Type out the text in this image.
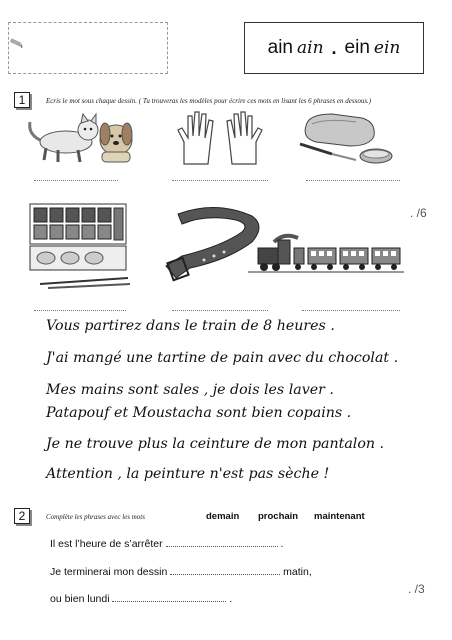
ain ain . ein ein
1	Ecris le mot sous chaque dessin. ( Tu trouveras les modèles pour écrire ces mots en lisant les 6 phrases en dessous.)
. /6
Vous partirez dans le train de 8 heures .
J'ai mangé une tartine de pain avec du chocolat .
Mes mains sont sales , je dois les laver .
Patapouf et Moustacha sont bien copains .
Je ne trouve plus la ceinture de mon pantalon .
Attention , la peinture n'est pas sèche !
2	Complète les phrases avec les mots	demain prochain maintenant
Il est l’heure de s’arrêter	.
Je terminerai mon dessin	matin,
ou bien lundi	.
. /3
